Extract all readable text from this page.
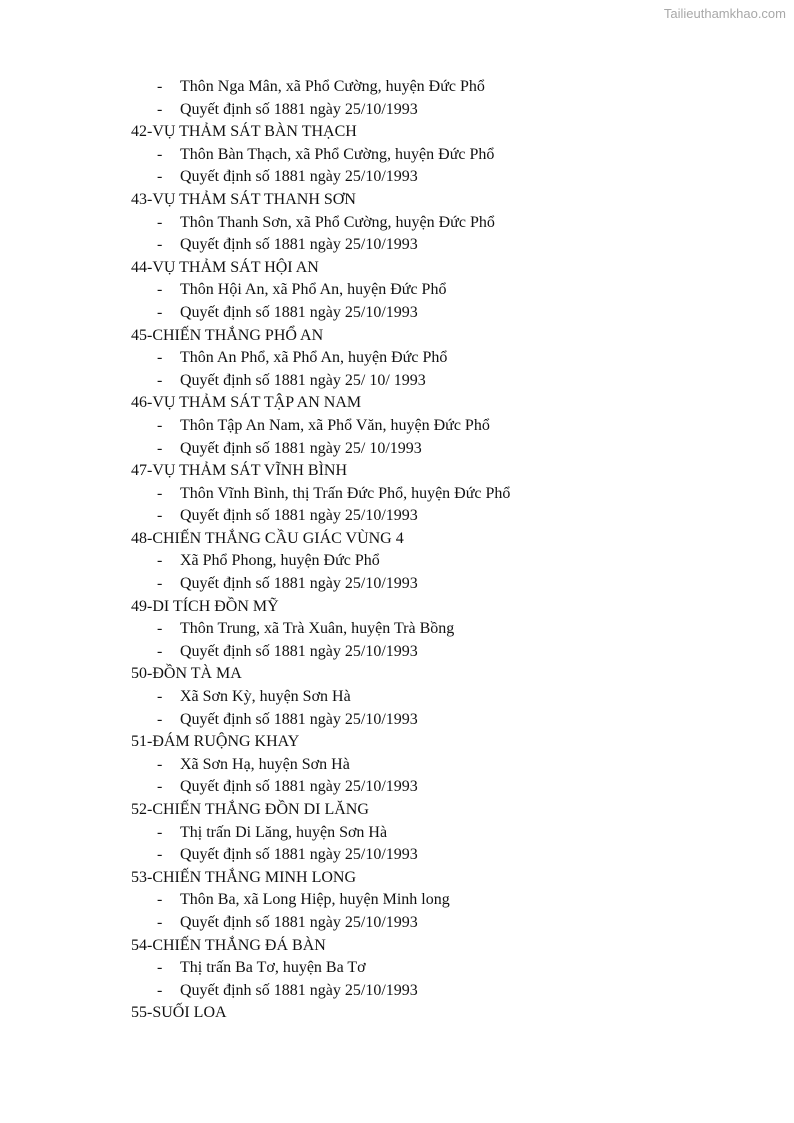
Tailieuthamkhao.com
- Thôn Nga Mân, xã Phổ Cường, huyện Đức Phổ
- Quyết định số 1881 ngày 25/10/1993
42-VỤ THẢM SÁT BÀN THẠCH
- Thôn Bàn Thạch, xã Phổ Cường, huyện Đức Phổ
- Quyết định số 1881 ngày 25/10/1993
43-VỤ THẢM SÁT THANH SƠN
- Thôn Thanh Sơn, xã Phổ Cường, huyện Đức Phổ
- Quyết định số 1881 ngày 25/10/1993
44-VỤ THẢM SÁT HỘI AN
- Thôn Hội An, xã Phổ An, huyện Đức Phổ
- Quyết định số 1881 ngày 25/10/1993
45-CHIẾN THẮNG PHỔ AN
- Thôn An Phổ, xã Phổ An, huyện Đức Phổ
- Quyết định số 1881 ngày 25/ 10/ 1993
46-VỤ THẢM SÁT TẬP AN NAM
- Thôn Tập An Nam, xã Phổ Văn, huyện Đức Phổ
- Quyết định số 1881 ngày 25/ 10/1993
47-VỤ THẢM SÁT VĨNH BÌNH
- Thôn Vĩnh Bình, thị Trấn Đức Phổ, huyện Đức Phổ
- Quyết định số 1881 ngày 25/10/1993
48-CHIẾN THẮNG CẦU GIÁC VÙNG 4
- Xã Phổ Phong, huyện Đức Phổ
- Quyết định số 1881 ngày 25/10/1993
49-DI TÍCH ĐỒN MỸ
- Thôn Trung, xã Trà Xuân, huyện Trà Bồng
- Quyết định số 1881 ngày 25/10/1993
50-ĐỒN TÀ MA
- Xã Sơn Kỳ, huyện Sơn Hà
- Quyết định số 1881 ngày 25/10/1993
51-ĐÁM RUỘNG KHAY
- Xã Sơn Hạ, huyện Sơn Hà
- Quyết định số 1881 ngày 25/10/1993
52-CHIẾN THẮNG ĐỒN DI LĂNG
- Thị trấn Di Lăng, huyện Sơn Hà
- Quyết định số 1881 ngày 25/10/1993
53-CHIẾN THẮNG MINH LONG
- Thôn Ba, xã Long Hiệp, huyện Minh long
- Quyết định số 1881 ngày 25/10/1993
54-CHIẾN THẮNG ĐÁ BÀN
- Thị trấn Ba Tơ, huyện Ba Tơ
- Quyết định số 1881 ngày 25/10/1993
55-SUỐI LOA
